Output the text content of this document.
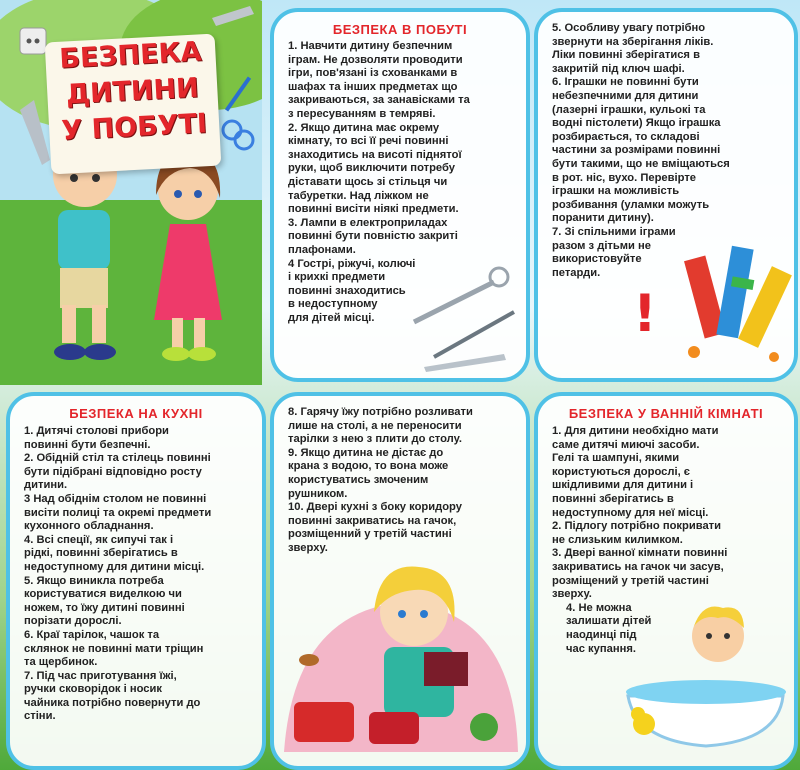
БЕЗПЕКА
ДИТИНИ
У ПОБУТІ
БЕЗПЕКА В ПОБУТІ

1. Навчити дитину безпечним

іграм. Не дозволяти проводити

ігри, пов'язані із схованками в

шафах та інших предметах що

закриваються, за занавісками та

з пересуванням в темряві.

2. Якщо дитина має окрему

кімнату, то всі її речі повинні

знаходитись на висоті піднятої

руки, щоб виключити потребу

діставати щось зі стільця чи

табуретки. Над ліжком не

повинні висіти ніякі предмети.

3. Лампи в електроприладах

повинні бути повністю закриті

плафонами.

4 Гострі, ріжучі, колючі

і крихкі предмети

повинні знаходитись

в недоступному

для дітей місці.

5. Особливу увагу потрібно

звернути на зберігання ліків.

Ліки повинні зберігатися в

закритій під ключ шафі.

6. Іграшки не повинні бути

небезпечними для дитини

(лазерні іграшки, кульокі та

водні пістолети) Якщо іграшка

розбирається, то складові

частини за розмірами повинні

бути такими, що не вміщаються

в рот. ніс, вухо. Перевірте

іграшки на можливість

розбивання (уламки можуть

поранити дитину).

7. Зі спільними іграми

разом з дітьми не

використовуйте

петарди.

!
БЕЗПЕКА НА КУХНІ

1. Дитячі столові прибори

повинні бути безпечні.

2. Обідній стіл та стілець повинні

бути підібрані відповідно росту

дитини.

3 Над обіднім столом не повинні

висіти полиці та окремі предмети

кухонного обладнання.

4. Всі спеції, як сипучі так і

рідкі, повинні зберігатись в

недоступному для дитини місці.

5. Якщо виникла потреба

користуватися виделкою чи

ножем, то їжу дитині повинні

порізати дорослі.

6. Краї тарілок, чашок та

склянок не повинні мати тріщин

та щербинок.

7. Під час приготування їжі,

ручки сковорідок і носик

чайника потрібно повернути до

стіни.

8. Гарячу їжу потрібно розливати

лише на столі, а не переносити

тарілки з нею з плити до столу.

9. Якщо дитина не дістає до

крана з водою, то вона може

користуватись змоченим

рушником.

10. Двері кухні з боку коридору

повинні закриватись на гачок,

розміщенний у третій частині

зверху.

БЕЗПЕКА У ВАННІЙ КІМНАТІ

1. Для дитини необхідно мати

саме дитячі миючі засоби.

Гелі та шампуні, якими

користуються дорослі, є

шкідливими для дитини і

повинні зберігатись в

недоступному для неї місці.

2. Підлогу потрібно покривати

не слизьким килимком.

3. Двері ванної кімнати повинні

закриватись на гачок чи засув,

розміщений у третій частині

зверху.

4. Не можна

залишати дітей

наодинці під

час купання.
